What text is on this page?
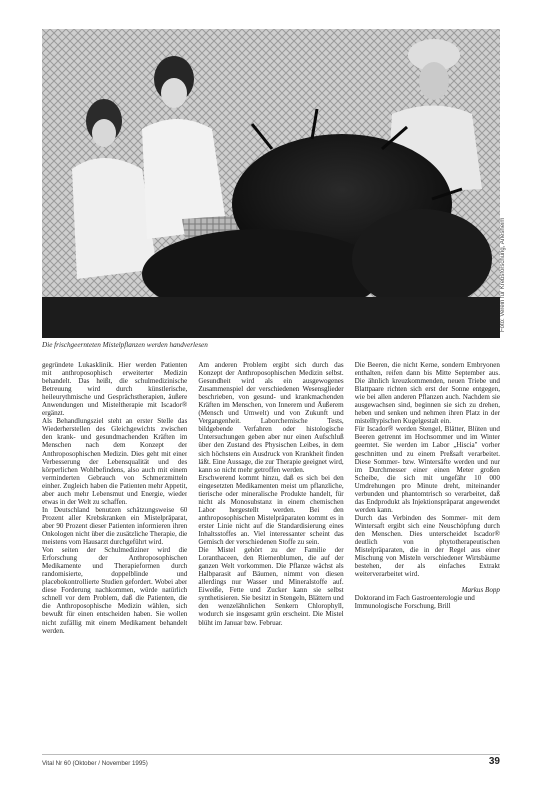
Foto: Verein für Krebsforschung, Arlesheim
Die frischgeernteten Mistelpflanzen werden handverlesen

gegründete Lukasklinik. Hier werden Patienten mit anthroposophisch erweiterter Medizin behandelt. Das heißt, die schulmedizinische Betreuung wird durch künstlerische, heileurythmische und Gesprächstherapien, äußere Anwendungen und Misteltherapie mit Iscador® ergänzt.

Als Behandlungsziel steht an erster Stelle das Wiederherstellen des Gleichgewichts zwischen den krank- und gesundmachenden Kräften im Menschen nach dem Konzept der Anthroposophischen Medizin. Dies geht mit einer Verbesserung der Lebensqualität und des körperlichen Wohlbefindens, also auch mit einem verminderten Gebrauch von Schmerzmitteln einher. Zugleich haben die Patienten mehr Appetit, aber auch mehr Lebensmut und Energie, wieder etwas in der Welt zu schaffen.

In Deutschland benutzen schätzungsweise 60 Prozent aller Krebskranken ein Mistelpräparat, aber 90 Prozent dieser Patienten informieren ihren Onkologen nicht über die zusätzliche Therapie, die meistens vom Hausarzt durchgeführt wird.

Von seiten der Schulmediziner wird die Erforschung der Anthroposophischen Medikamente und Therapieformen durch randomisierte, doppelblinde und placebokontrollierte Studien gefordert. Wobei aber diese Forderung nachkommen, würde natürlich schnell vor dem Problem, daß die Patienten, die die Anthroposophische Medizin wählen, sich bewußt für einen entscheiden haben. Sie wollen nicht zufällig mit einem Medikament behandelt werden.

Am anderen Problem ergibt sich durch das Konzept der Anthroposophischen Medizin selbst. Gesundheit wird als ein ausgewogenes Zusammenspiel der verschiedenen Wesensglieder beschrieben, von gesund- und krankmachenden Kräften im Menschen, von Innerem und Äußerem (Mensch und Umwelt) und von Zukunft und Vergangenheit. Laborchemische Tests, bildgebende Verfahren oder histologische Untersuchungen geben aber nur einen Aufschluß über den Zustand des Physischen Leibes, in dem sich höchstens ein Ausdruck von Krankheit finden läßt. Eine Aussage, die zur Therapie geeignet wird, kann so nicht mehr getroffen werden.

Erschwerend kommt hinzu, daß es sich bei den eingesetzten Medikamenten meist um pflanzliche, tierische oder mineralische Produkte handelt, für nicht als Monosubstanz in einem chemischen Labor hergestellt werden. Bei den anthroposophischen Mistelpräparaten kommt es in erster Linie nicht auf die Standardisierung eines Inhaltsstoffes an. Viel interessanter scheint das Gemisch der verschiedenen Stoffe zu sein.

Die Mistel gehört zu der Familie der Loranthaceen, den Riemenblumen, die auf der ganzen Welt vorkommen. Die Pflanze wächst als Halbparasit auf Bäumen, nimmt von diesen allerdings nur Wasser und Mineralstoffe auf. Eiweiße, Fette und Zucker kann sie selbst synthetisieren. Sie besitzt in Stengeln, Blättern und den wenzelähnlichen Senkern Chlorophyll, wodurch sie insgesamt grün erscheint. Die Mistel blüht im Januar bzw. Februar.

Die Beeren, die nicht Kerne, sondern Embryonen enthalten, reifen dann bis Mitte September aus. Die ähnlich kreuzkommenden, neuen Triebe und Blattpaare richten sich erst der Sonne entgegen, wie bei allen anderen Pflanzen auch. Nachdem sie ausgewachsen sind, beginnen sie sich zu drehen, heben und senken und nehmen ihren Platz in der mistelltypischen Kugelgestalt ein.

Für Iscador® werden Stengel, Blätter, Blüten und Beeren getrennt im Hochsommer und im Winter geerntet. Sie werden im Labor „Hiscia" vorher geschnitten und zu einem Preßsaft verarbeitet. Diese Sommer- bzw. Wintersäfte werden und nur im Durchmesser einer einen Meter großen Scheibe, die sich mit ungefähr 10 000 Umdrehungen pro Minute dreht, miteinander verbunden und phantomtrisch so verarbeitet, daß das Endprodukt als Injektionspräparat angewendet werden kann.

Durch das Verbinden des Sommer- mit dem Wintersaft ergibt sich eine Neuschöpfung durch den Menschen. Dies unterscheidet Iscador® deutlich von phytotherapeutischen Mistelpräparaten, die in der Regel aus einer Mischung von Misteln verschiedener Wirtsbäume bestehen, der als einfaches Extrakt weiterverarbeitet wird.

Markus Bopp
Doktorand im Fach Gastroenterologie und Immunologische Forschung, Brill
Vital Nr 60 (Oktober / November 1995)	39
